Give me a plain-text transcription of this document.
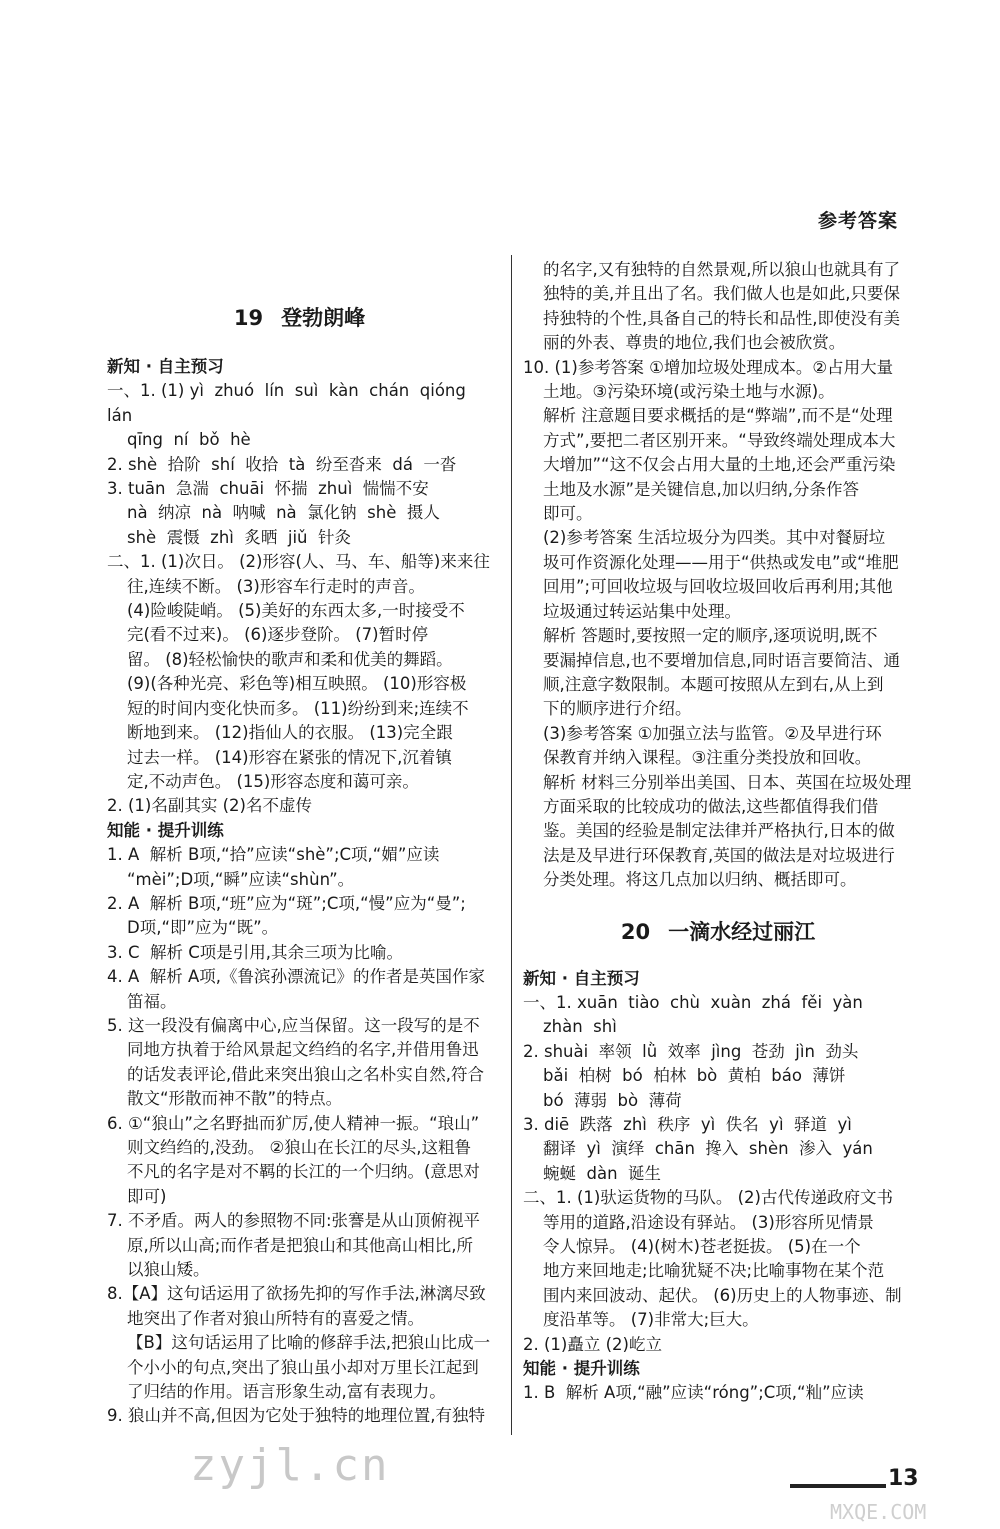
参考答案
19 登勃朗峰

新知 · 自主预习

一、1. (1) yì  zhuó  lín  suì  kàn  chán  qióng  lán

qīng  ní  bǒ  hè

2. shè  拾阶  shí  收拾  tà  纷至沓来  dá  一沓

3. tuān  急湍  chuāi  怀揣  zhuì  惴惴不安

nà  纳凉  nà  呐喊  nà  氯化钠  shè  摄人

shè  震慑  zhì  炙晒  jiǔ  针灸

二、1. (1)次日。 (2)形容(人、马、车、船等)来来往

往,连续不断。 (3)形容车行走时的声音。

(4)险峻陡峭。 (5)美好的东西太多,一时接受不

完(看不过来)。 (6)逐步登阶。 (7)暂时停

留。 (8)轻松愉快的歌声和柔和优美的舞蹈。

(9)(各种光亮、彩色等)相互映照。 (10)形容极

短的时间内变化快而多。 (11)纷纷到来;连续不

断地到来。 (12)指仙人的衣服。 (13)完全跟

过去一样。 (14)形容在紧张的情况下,沉着镇

定,不动声色。 (15)形容态度和蔼可亲。

2. (1)名副其实 (2)名不虚传

知能 · 提升训练

1. A  解析 B项,“拾”应读“shè”;C项,“媚”应读

“mèi”;D项,“瞬”应读“shùn”。

2. A  解析 B项,“班”应为“斑”;C项,“慢”应为“曼”;

D项,“即”应为“既”。

3. C  解析 C项是引用,其余三项为比喻。

4. A  解析 A项,《鲁滨孙漂流记》的作者是英国作家

笛福。

5. 这一段没有偏离中心,应当保留。这一段写的是不

同地方执着于给风景起文绉绉的名字,并借用鲁迅

的话发表评论,借此来突出狼山之名朴实自然,符合

散文“形散而神不散”的特点。

6. ①“狼山”之名野拙而犷厉,使人精神一振。“琅山”

则文绉绉的,没劲。 ②狼山在长江的尽头,这粗鲁

不凡的名字是对不羁的长江的一个归纳。(意思对

即可)

7. 不矛盾。两人的参照物不同:张謇是从山顶俯视平

原,所以山高;而作者是把狼山和其他高山相比,所

以狼山矮。

8.【A】这句话运用了欲扬先抑的写作手法,淋漓尽致

地突出了作者对狼山所特有的喜爱之情。

【B】这句话运用了比喻的修辞手法,把狼山比成一

个小小的句点,突出了狼山虽小却对万里长江起到

了归结的作用。语言形象生动,富有表现力。

9. 狼山并不高,但因为它处于独特的地理位置,有独特

的名字,又有独特的自然景观,所以狼山也就具有了

独特的美,并且出了名。我们做人也是如此,只要保

持独特的个性,具备自己的特长和品性,即使没有美

丽的外表、尊贵的地位,我们也会被欣赏。

10. (1)参考答案 ①增加垃圾处理成本。②占用大量

土地。③污染环境(或污染土地与水源)。

解析 注意题目要求概括的是“弊端”,而不是“处理

方式”,要把二者区别开来。“导致终端处理成本大

大增加”“这不仅会占用大量的土地,还会严重污染

土地及水源”是关键信息,加以归纳,分条作答

即可。

(2)参考答案 生活垃圾分为四类。其中对餐厨垃

圾可作资源化处理——用于“供热或发电”或“堆肥

回用”;可回收垃圾与回收垃圾回收后再利用;其他

垃圾通过转运站集中处理。

解析 答题时,要按照一定的顺序,逐项说明,既不

要漏掉信息,也不要增加信息,同时语言要简洁、通

顺,注意字数限制。本题可按照从左到右,从上到

下的顺序进行介绍。

(3)参考答案 ①加强立法与监管。②及早进行环

保教育并纳入课程。③注重分类投放和回收。

解析 材料三分别举出美国、日本、英国在垃圾处理

方面采取的比较成功的做法,这些都值得我们借

鉴。美国的经验是制定法律并严格执行,日本的做

法是及早进行环保教育,英国的做法是对垃圾进行

分类处理。将这几点加以归纳、概括即可。

20 一滴水经过丽江

新知 · 自主预习

一、1. xuān  tiào  chù  xuàn  zhá  fěi  yàn

zhàn  shì

2. shuài  率领  lǜ  效率  jìng  苍劲  jìn  劲头

bǎi  柏树  bó  柏林  bò  黄柏  báo  薄饼

bó  薄弱  bò  薄荷

3. diē  跌落  zhì  秩序  yì  佚名  yì  驿道  yì

翻译  yì  演绎  chān  搀入  shèn  渗入  yán

蜿蜒  dàn  诞生

二、1. (1)驮运货物的马队。 (2)古代传递政府文书

等用的道路,沿途设有驿站。 (3)形容所见情景

令人惊异。 (4)(树木)苍老挺拔。 (5)在一个

地方来回地走;比喻犹疑不决;比喻事物在某个范

围内来回波动、起伏。 (6)历史上的人物事迹、制

度沿革等。 (7)非常大;巨大。

2. (1)矗立 (2)屹立

知能 · 提升训练

1. B  解析 A项,“融”应读“róng”;C项,“籼”应读

zyjl.cn
MXQE.COM
13
